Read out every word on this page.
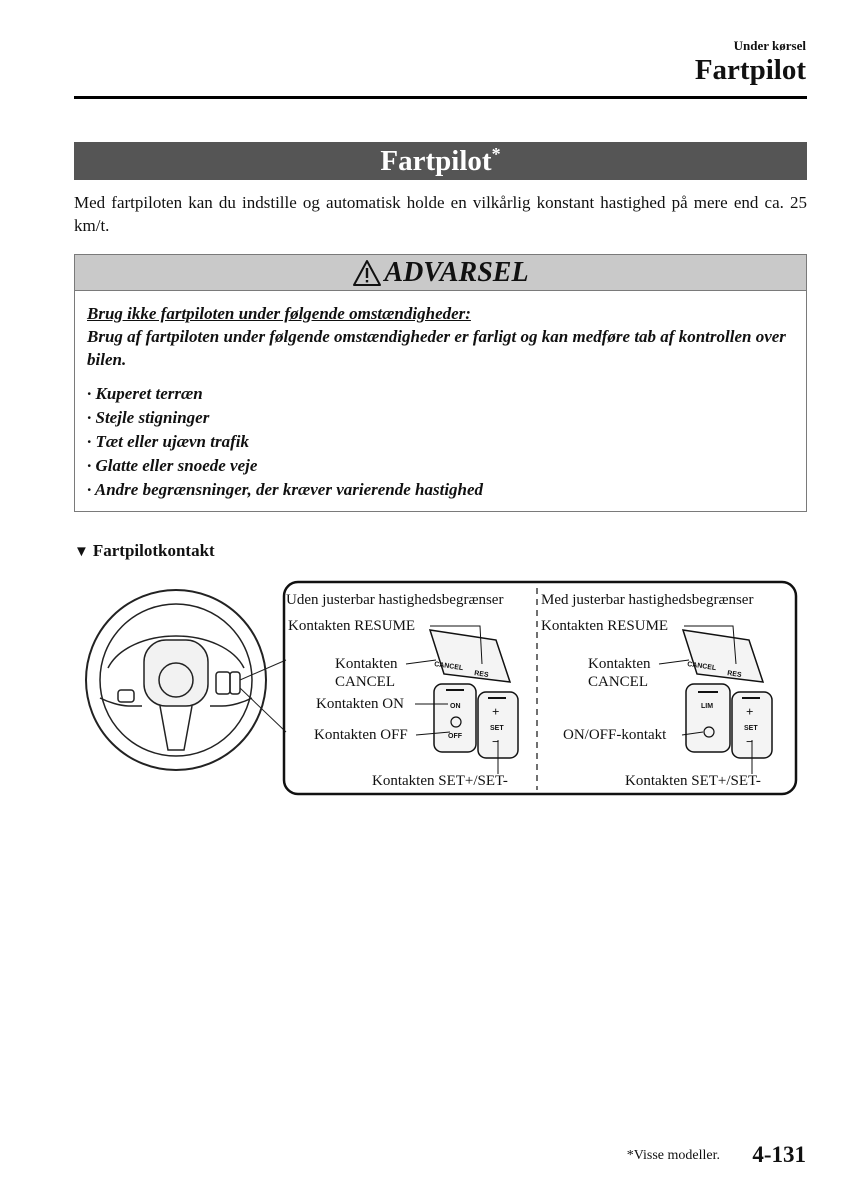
Under kørsel
Fartpilot
Fartpilot*
Med fartpiloten kan du indstille og automatisk holde en vilkårlig konstant hastighed på mere end ca. 25 km/t.
ADVARSEL
Brug ikke fartpiloten under følgende omstændigheder:
Brug af fartpiloten under følgende omstændigheder er farligt og kan medføre tab af kontrollen over bilen.
· Kuperet terræn
· Stejle stigninger
· Tæt eller ujævn trafik
· Glatte eller snoede veje
· Andre begrænsninger, der kræver varierende hastighed
▼ Fartpilotkontakt
Uden justerbar hastighedsbegrænser
Kontakten RESUME
Kontakten
CANCEL
Kontakten ON
Kontakten OFF
Kontakten SET+/SET-
CANCEL
RES
ON
OFF
+
SET
−
Med justerbar hastighedsbegrænser
Kontakten RESUME
Kontakten
CANCEL
ON/OFF-kontakt
Kontakten SET+/SET-
CANCEL
RES
LIM	+
SET
−
*Visse modeller. 4-131
